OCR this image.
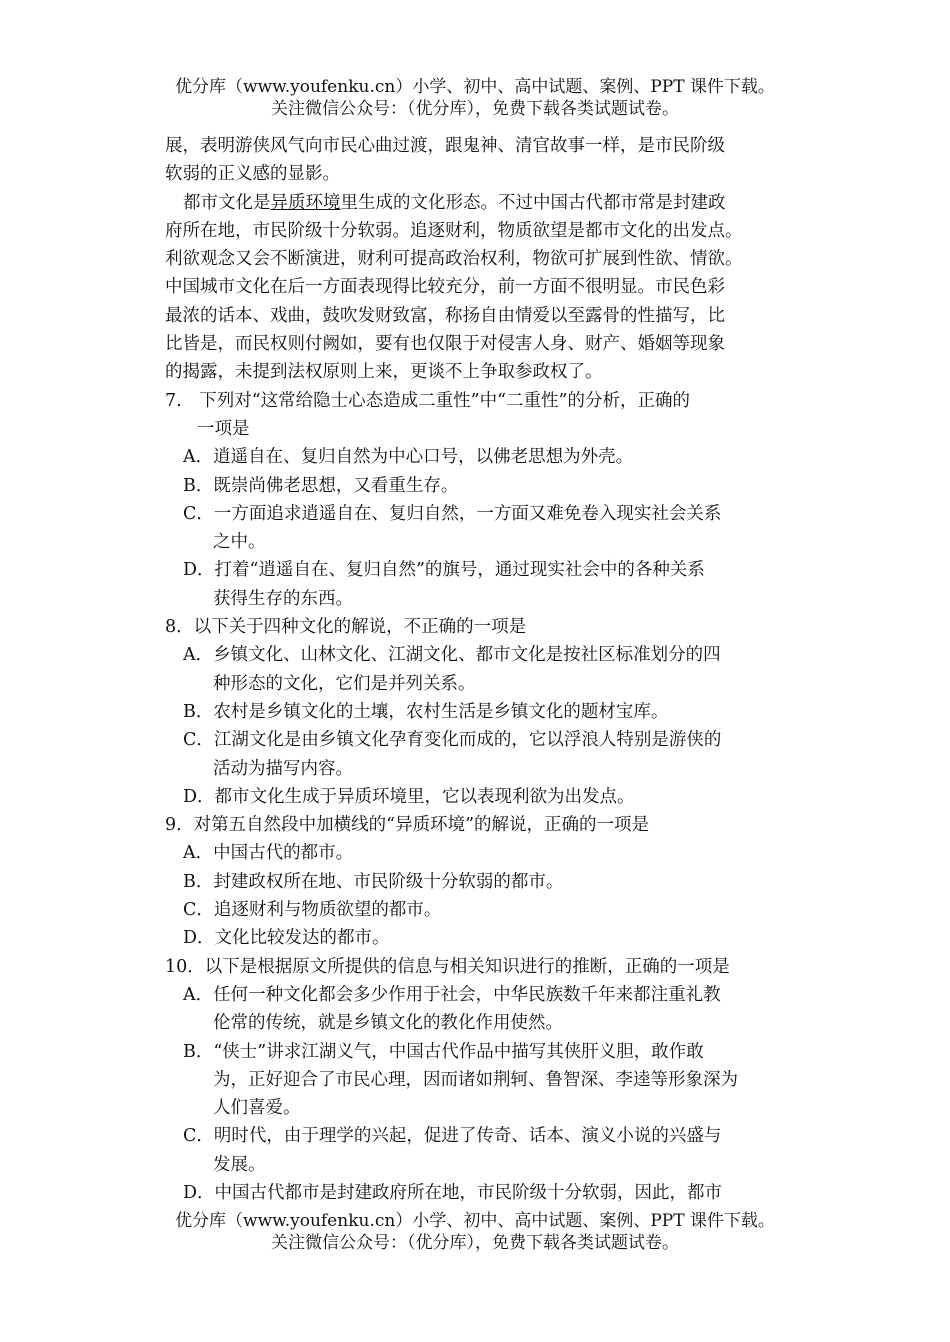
优分库（www.youfenku.cn）小学、初中、高中试题、案例、PPT 课件下载。
关注微信公众号：（优分库），免费下载各类试题试卷。
展，表明游侠风气向市民心曲过渡，跟鬼神、清官故事一样，是市民阶级
软弱的正义感的显影。
都市文化是异质环境里生成的文化形态。不过中国古代都市常是封建政
府所在地，市民阶级十分软弱。追逐财利，物质欲望是都市文化的出发点。
利欲观念又会不断演进，财利可提高政治权利，物欲可扩展到性欲、情欲。
中国城市文化在后一方面表现得比较充分，前一方面不很明显。市民色彩
最浓的话本、戏曲，鼓吹发财致富，称扬自由情爱以至露骨的性描写，比
比皆是，而民权则付阙如，要有也仅限于对侵害人身、财产、婚姻等现象
的揭露，未提到法权原则上来，更谈不上争取参政权了。
7.　下列对“这常给隐士心态造成二重性”中“二重性”的分析，正确的
一项是
A．逍遥自在、复归自然为中心口号，以佛老思想为外壳。
B．既崇尚佛老思想，又看重生存。
C．一方面追求逍遥自在、复归自然，一方面又难免卷入现实社会关系
之中。
D．打着“逍遥自在、复归自然”的旗号，通过现实社会中的各种关系
获得生存的东西。
8．以下关于四种文化的解说，不正确的一项是
A．乡镇文化、山林文化、江湖文化、都市文化是按社区标准划分的四
种形态的文化，它们是并列关系。
B．农村是乡镇文化的土壤，农村生活是乡镇文化的题材宝库。
C．江湖文化是由乡镇文化孕育变化而成的，它以浮浪人特别是游侠的
活动为描写内容。
D．都市文化生成于异质环境里，它以表现利欲为出发点。
9．对第五自然段中加横线的“异质环境”的解说，正确的一项是
A．中国古代的都市。
B．封建政权所在地、市民阶级十分软弱的都市。
C．追逐财利与物质欲望的都市。
D．文化比较发达的都市。
10．以下是根据原文所提供的信息与相关知识进行的推断，正确的一项是
A．任何一种文化都会多少作用于社会，中华民族数千年来都注重礼教
伦常的传统，就是乡镇文化的教化作用使然。
B．“侠士”讲求江湖义气，中国古代作品中描写其侠肝义胆，敢作敢
为，正好迎合了市民心理，因而诸如荆轲、鲁智深、李逵等形象深为
人们喜爱。
C．明时代，由于理学的兴起，促进了传奇、话本、演义小说的兴盛与
发展。
D．中国古代都市是封建政府所在地，市民阶级十分软弱，因此，都市
优分库（www.youfenku.cn）小学、初中、高中试题、案例、PPT 课件下载。
关注微信公众号：（优分库），免费下载各类试题试卷。
